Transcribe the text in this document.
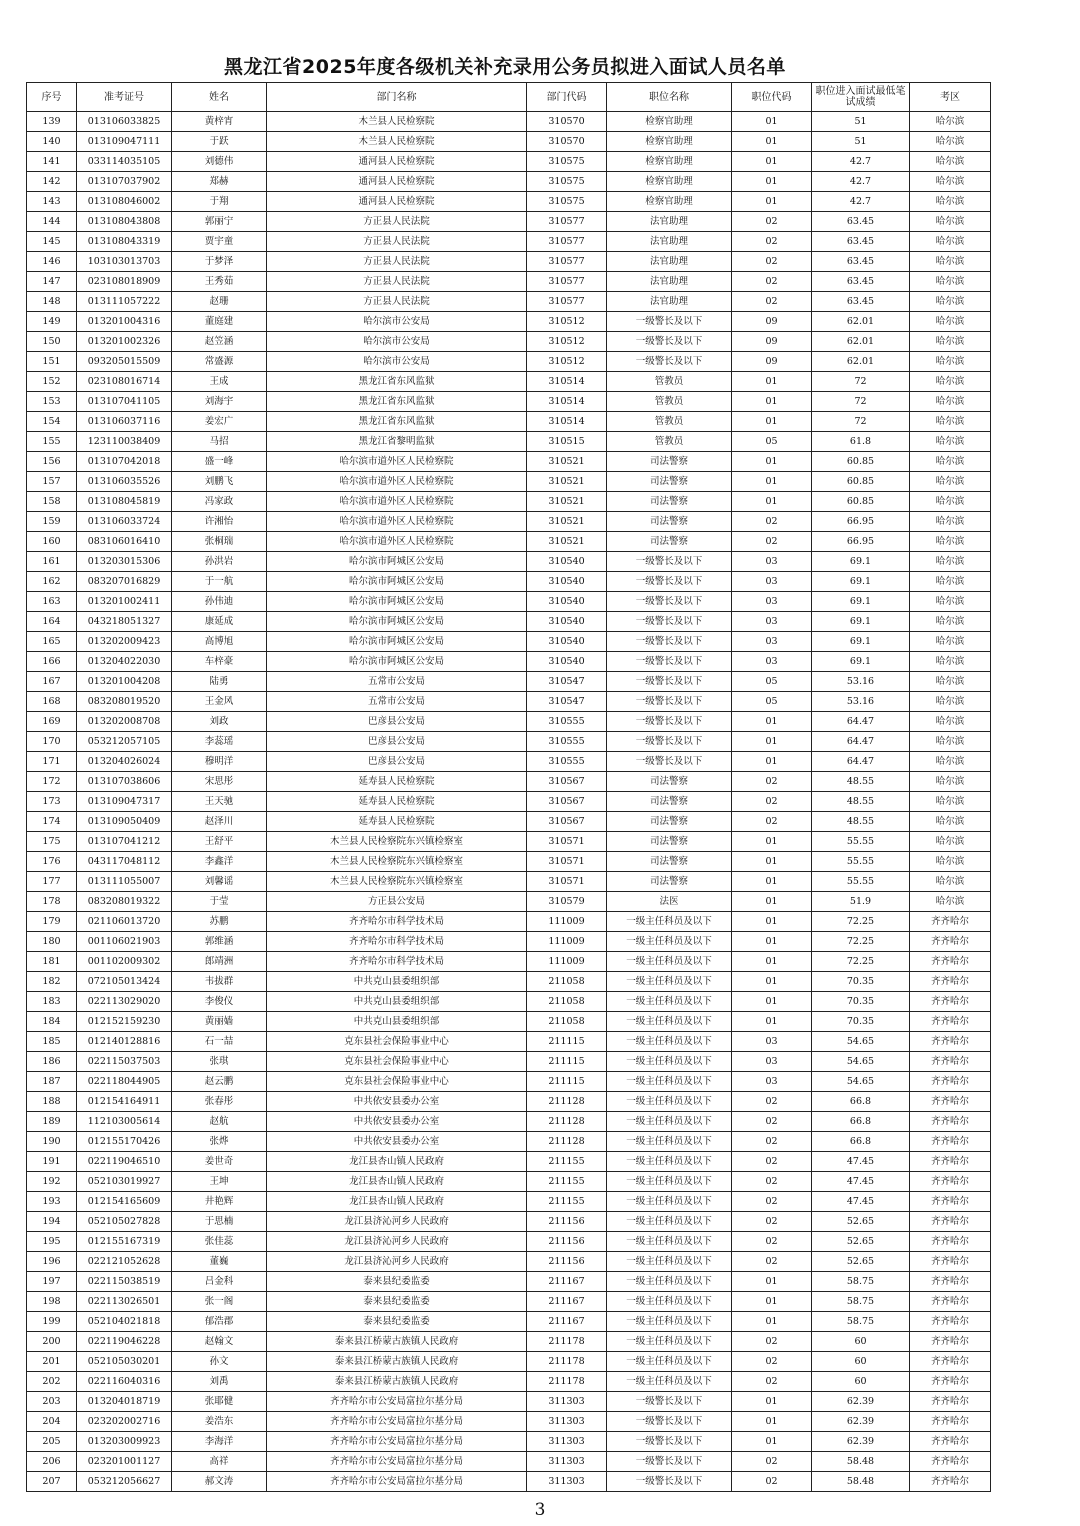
黑龙江省2025年度各级机关补充录用公务员拟进入面试人员名单
序号	准考证号	姓名	部门名称	部门代码	职位名称	职位代码	职位进入面试最低笔试成绩	考区
139	013106033825	黄梓宵	木兰县人民检察院	310570	检察官助理	01	51	哈尔滨
140	013109047111	于跃	木兰县人民检察院	310570	检察官助理	01	51	哈尔滨
141	033114035105	刘德伟	通河县人民检察院	310575	检察官助理	01	42.7	哈尔滨
142	013107037902	郑赫	通河县人民检察院	310575	检察官助理	01	42.7	哈尔滨
143	013108046002	于翔	通河县人民检察院	310575	检察官助理	01	42.7	哈尔滨
144	013108043808	郭丽宁	方正县人民法院	310577	法官助理	02	63.45	哈尔滨
145	013108043319	贾宇童	方正县人民法院	310577	法官助理	02	63.45	哈尔滨
146	103103013703	于梦泽	方正县人民法院	310577	法官助理	02	63.45	哈尔滨
147	023108018909	王秀茹	方正县人民法院	310577	法官助理	02	63.45	哈尔滨
148	013111057222	赵珊	方正县人民法院	310577	法官助理	02	63.45	哈尔滨
149	013201004316	董庭建	哈尔滨市公安局	310512	一级警长及以下	09	62.01	哈尔滨
150	013201002326	赵笠涵	哈尔滨市公安局	310512	一级警长及以下	09	62.01	哈尔滨
151	093205015509	常盛源	哈尔滨市公安局	310512	一级警长及以下	09	62.01	哈尔滨
152	023108016714	王成	黑龙江省东风监狱	310514	管教员	01	72	哈尔滨
153	013107041105	刘海宇	黑龙江省东风监狱	310514	管教员	01	72	哈尔滨
154	013106037116	姜宏广	黑龙江省东风监狱	310514	管教员	01	72	哈尔滨
155	123110038409	马招	黑龙江省黎明监狱	310515	管教员	05	61.8	哈尔滨
156	013107042018	盛一峰	哈尔滨市道外区人民检察院	310521	司法警察	01	60.85	哈尔滨
157	013106035526	刘鹏飞	哈尔滨市道外区人民检察院	310521	司法警察	01	60.85	哈尔滨
158	013108045819	冯家政	哈尔滨市道外区人民检察院	310521	司法警察	01	60.85	哈尔滨
159	013106033724	许湘怡	哈尔滨市道外区人民检察院	310521	司法警察	02	66.95	哈尔滨
160	083106016410	张桐瑞	哈尔滨市道外区人民检察院	310521	司法警察	02	66.95	哈尔滨
161	013203015306	孙洪岩	哈尔滨市阿城区公安局	310540	一级警长及以下	03	69.1	哈尔滨
162	083207016829	于一航	哈尔滨市阿城区公安局	310540	一级警长及以下	03	69.1	哈尔滨
163	013201002411	孙伟迪	哈尔滨市阿城区公安局	310540	一级警长及以下	03	69.1	哈尔滨
164	043218051327	康延成	哈尔滨市阿城区公安局	310540	一级警长及以下	03	69.1	哈尔滨
165	013202009423	高博旭	哈尔滨市阿城区公安局	310540	一级警长及以下	03	69.1	哈尔滨
166	013204022030	车梓豪	哈尔滨市阿城区公安局	310540	一级警长及以下	03	69.1	哈尔滨
167	013201004208	陆勇	五常市公安局	310547	一级警长及以下	05	53.16	哈尔滨
168	083208019520	王金风	五常市公安局	310547	一级警长及以下	05	53.16	哈尔滨
169	013202008708	刘政	巴彦县公安局	310555	一级警长及以下	01	64.47	哈尔滨
170	053212057105	李蕊瑶	巴彦县公安局	310555	一级警长及以下	01	64.47	哈尔滨
171	013204026024	穆明洋	巴彦县公安局	310555	一级警长及以下	01	64.47	哈尔滨
172	013107038606	宋思彤	延寿县人民检察院	310567	司法警察	02	48.55	哈尔滨
173	013109047317	王天驰	延寿县人民检察院	310567	司法警察	02	48.55	哈尔滨
174	013109050409	赵泽川	延寿县人民检察院	310567	司法警察	02	48.55	哈尔滨
175	013107041212	王舒平	木兰县人民检察院东兴镇检察室	310571	司法警察	01	55.55	哈尔滨
176	043117048112	李鑫洋	木兰县人民检察院东兴镇检察室	310571	司法警察	01	55.55	哈尔滨
177	013111055007	刘馨谣	木兰县人民检察院东兴镇检察室	310571	司法警察	01	55.55	哈尔滨
178	083208019322	于莹	方正县公安局	310579	法医	01	51.9	哈尔滨
179	021106013720	苏鹏	齐齐哈尔市科学技术局	111009	一级主任科员及以下	01	72.25	齐齐哈尔
180	001106021903	郭维涵	齐齐哈尔市科学技术局	111009	一级主任科员及以下	01	72.25	齐齐哈尔
181	001102009302	郎靖洲	齐齐哈尔市科学技术局	111009	一级主任科员及以下	01	72.25	齐齐哈尔
182	072105013424	韦拔群	中共克山县委组织部	211058	一级主任科员及以下	01	70.35	齐齐哈尔
183	022113029020	李俊仪	中共克山县委组织部	211058	一级主任科员及以下	01	70.35	齐齐哈尔
184	012152159230	黄丽嫱	中共克山县委组织部	211058	一级主任科员及以下	01	70.35	齐齐哈尔
185	012140128816	石一喆	克东县社会保险事业中心	211115	一级主任科员及以下	03	54.65	齐齐哈尔
186	022115037503	张琪	克东县社会保险事业中心	211115	一级主任科员及以下	03	54.65	齐齐哈尔
187	022118044905	赵云鹏	克东县社会保险事业中心	211115	一级主任科员及以下	03	54.65	齐齐哈尔
188	012154164911	张春彤	中共依安县委办公室	211128	一级主任科员及以下	02	66.8	齐齐哈尔
189	112103005614	赵航	中共依安县委办公室	211128	一级主任科员及以下	02	66.8	齐齐哈尔
190	012155170426	张烨	中共依安县委办公室	211128	一级主任科员及以下	02	66.8	齐齐哈尔
191	022119046510	姜世奇	龙江县杏山镇人民政府	211155	一级主任科员及以下	02	47.45	齐齐哈尔
192	052103019927	王坤	龙江县杏山镇人民政府	211155	一级主任科员及以下	02	47.45	齐齐哈尔
193	012154165609	井艳辉	龙江县杏山镇人民政府	211155	一级主任科员及以下	02	47.45	齐齐哈尔
194	052105027828	于思楠	龙江县济沁河乡人民政府	211156	一级主任科员及以下	02	52.65	齐齐哈尔
195	012155167319	张佳蕊	龙江县济沁河乡人民政府	211156	一级主任科员及以下	02	52.65	齐齐哈尔
196	022121052628	董巍	龙江县济沁河乡人民政府	211156	一级主任科员及以下	02	52.65	齐齐哈尔
197	022115038519	吕金科	泰来县纪委监委	211167	一级主任科员及以下	01	58.75	齐齐哈尔
198	022113026501	张一阁	泰来县纪委监委	211167	一级主任科员及以下	01	58.75	齐齐哈尔
199	052104021818	郁浩郡	泰来县纪委监委	211167	一级主任科员及以下	01	58.75	齐齐哈尔
200	022119046228	赵翰文	泰来县江桥蒙古族镇人民政府	211178	一级主任科员及以下	02	60	齐齐哈尔
201	052105030201	孙文	泰来县江桥蒙古族镇人民政府	211178	一级主任科员及以下	02	60	齐齐哈尔
202	022116040316	刘禹	泰来县江桥蒙古族镇人民政府	211178	一级主任科员及以下	02	60	齐齐哈尔
203	013204018719	张耶健	齐齐哈尔市公安局富拉尔基分局	311303	一级警长及以下	01	62.39	齐齐哈尔
204	023202002716	姜浩东	齐齐哈尔市公安局富拉尔基分局	311303	一级警长及以下	01	62.39	齐齐哈尔
205	013203009923	李海洋	齐齐哈尔市公安局富拉尔基分局	311303	一级警长及以下	01	62.39	齐齐哈尔
206	023201001127	高祥	齐齐哈尔市公安局富拉尔基分局	311303	一级警长及以下	02	58.48	齐齐哈尔
207	053212056627	郝文涛	齐齐哈尔市公安局富拉尔基分局	311303	一级警长及以下	02	58.48	齐齐哈尔
3
